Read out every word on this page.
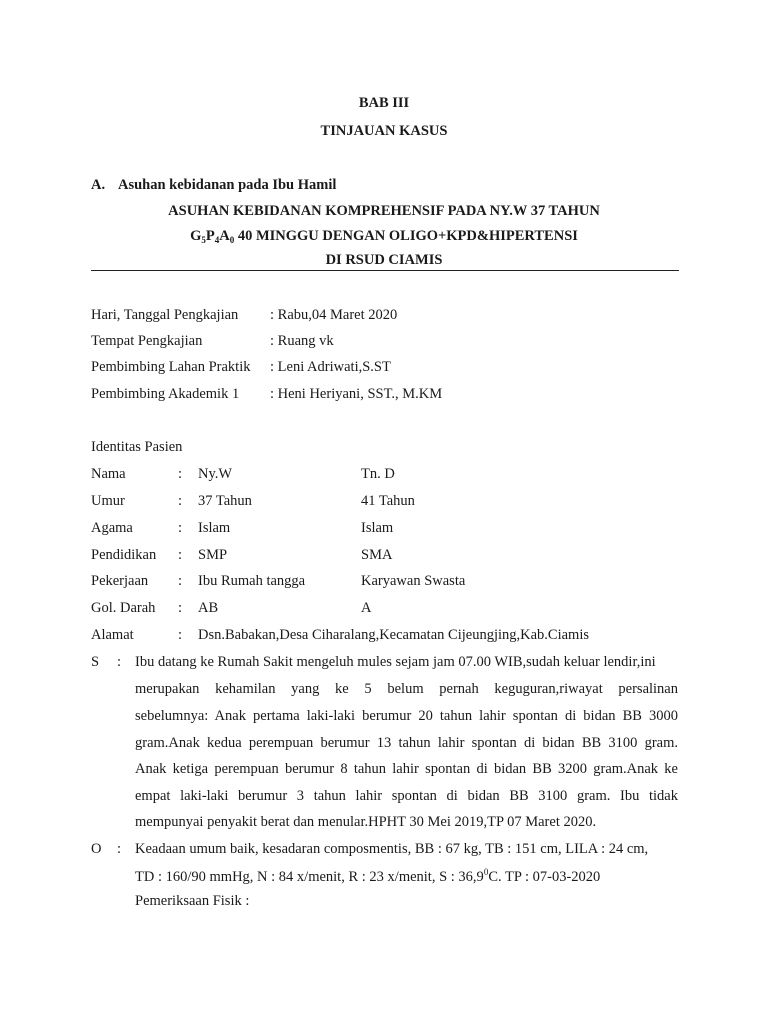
BAB III
TINJAUAN KASUS
A. Asuhan kebidanan pada Ibu Hamil
ASUHAN KEBIDANAN KOMPREHENSIF PADA NY.W 37 TAHUN
$G_5P_4A_0$ 40 MINGGU DENGAN OLIGO+KPD&HIPERTENSI
DI RSUD CIAMIS
Hari, Tanggal Pengkajian : Rabu,04 Maret 2020
Tempat Pengkajian	: Ruang vk
Pembimbing Lahan Praktik : Leni Adriwati,S.ST
Pembimbing Akademik 1 : Heni Heriyani, SST., M.KM
Identitas Pasien
Nama	: Ny.W	Tn. D
Umur	: 37 Tahun	41 Tahun
Agama	: Islam	Islam
Pendidikan : SMP	SMA
Pekerjaan : Ibu Rumah tangga	Karyawan Swasta
Gol. Darah : AB	A
Alamat	: Dsn.Babakan,Desa Ciharalang,Kecamatan Cijeungjing,Kab.Ciamis
S : Ibu datang ke Rumah Sakit mengeluh mules sejam jam 07.00 WIB,sudah keluar lendir,ini
merupakan kehamilan yang ke 5 belum pernah keguguran,riwayat persalinan
sebelumnya: Anak pertama laki-laki berumur 20 tahun lahir spontan di bidan BB 3000
gram.Anak kedua perempuan berumur 13 tahun lahir spontan di bidan BB 3100 gram.
Anak ketiga perempuan berumur 8 tahun lahir spontan di bidan BB 3200 gram.Anak ke
empat laki-laki berumur 3 tahun lahir spontan di bidan BB 3100 gram. Ibu tidak
mempunyai penyakit berat dan menular.HPHT 30 Mei 2019,TP 07 Maret 2020.
O : Keadaan umum baik, kesadaran composmentis, BB : 67 kg, TB : 151 cm, LILA : 24 cm,
TD : 160/90 mmHg, N : 84 x/menit, R : 23 x/menit, S : 36,9$^0$C. TP : 07-03-2020
Pemeriksaan Fisik :
